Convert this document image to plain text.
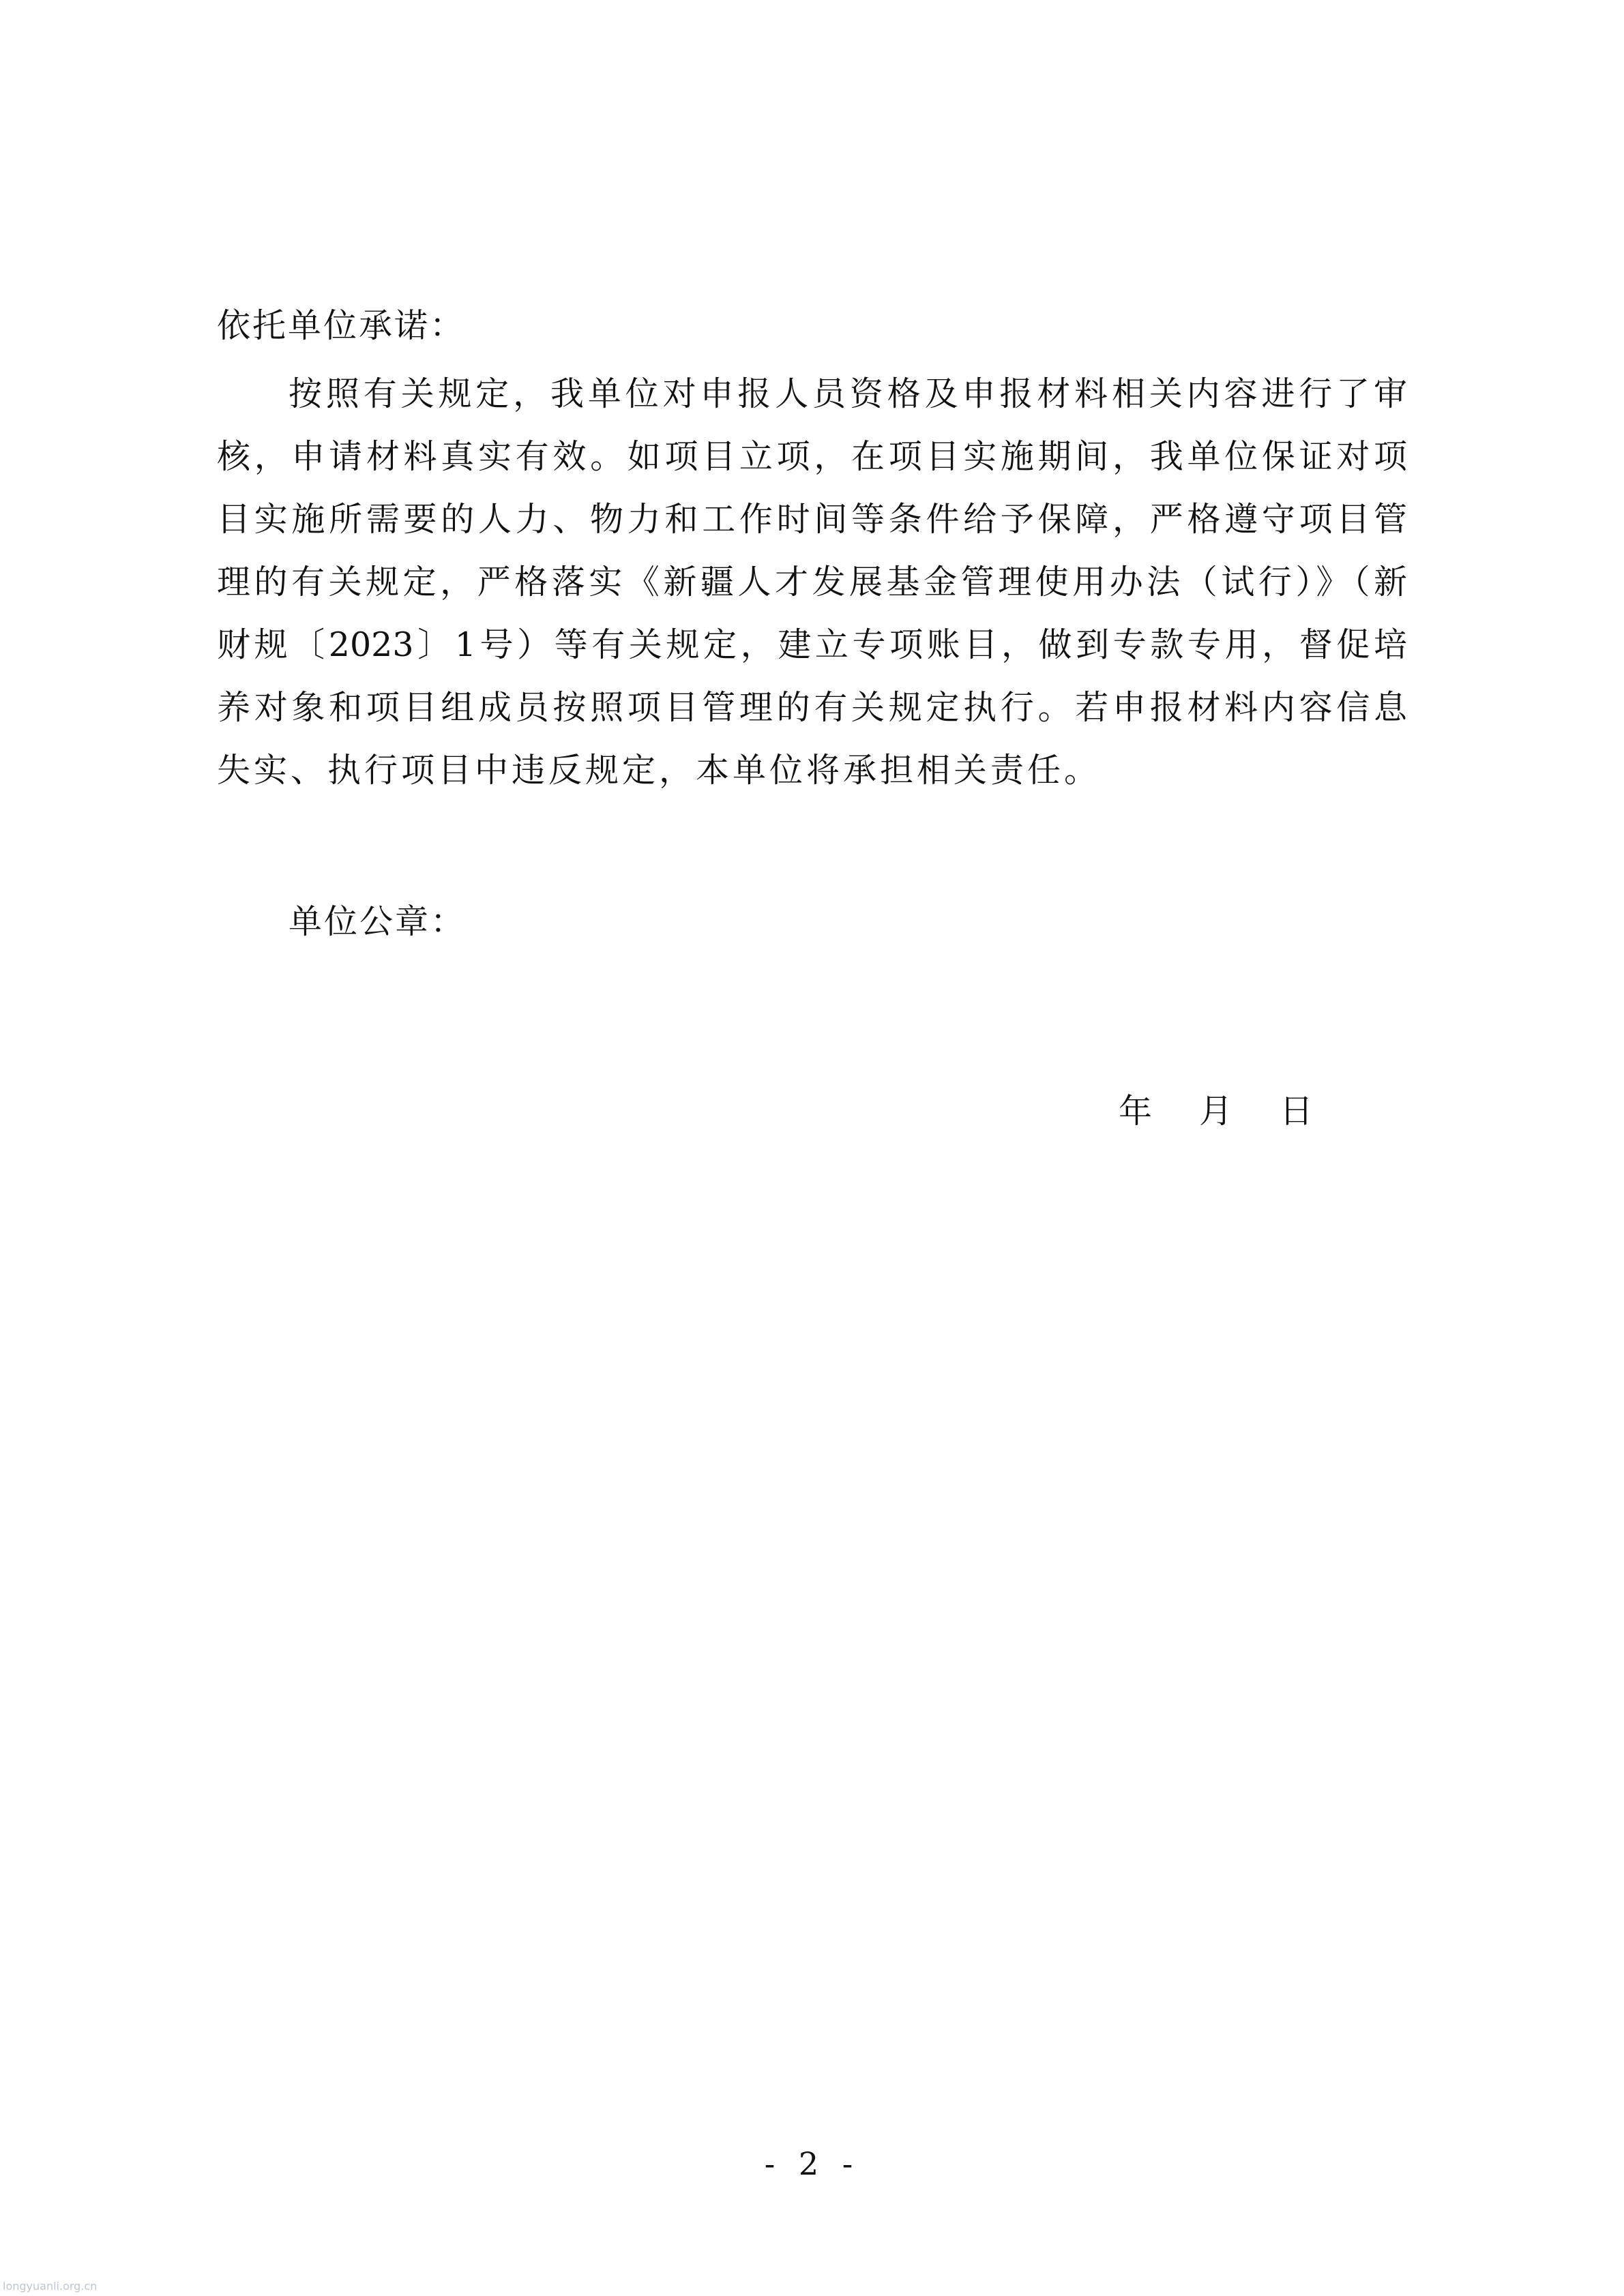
依托单位承诺：
按照有关规定，我单位对申报人员资格及申报材料相关内容进行了审
核，申请材料真实有效。如项目立项，在项目实施期间，我单位保证对项
目实施所需要的人力、物力和工作时间等条件给予保障，严格遵守项目管
理的有关规定，严格落实《新疆人才发展基金管理使用办法（试行）》（新
财规〔2023〕1号）等有关规定，建立专项账目，做到专款专用，督促培
养对象和项目组成员按照项目管理的有关规定执行。若申报材料内容信息
失实、执行项目中违反规定，本单位将承担相关责任。
单位公章：
年 月 日
- 2 -
longyuanli.org.cn
